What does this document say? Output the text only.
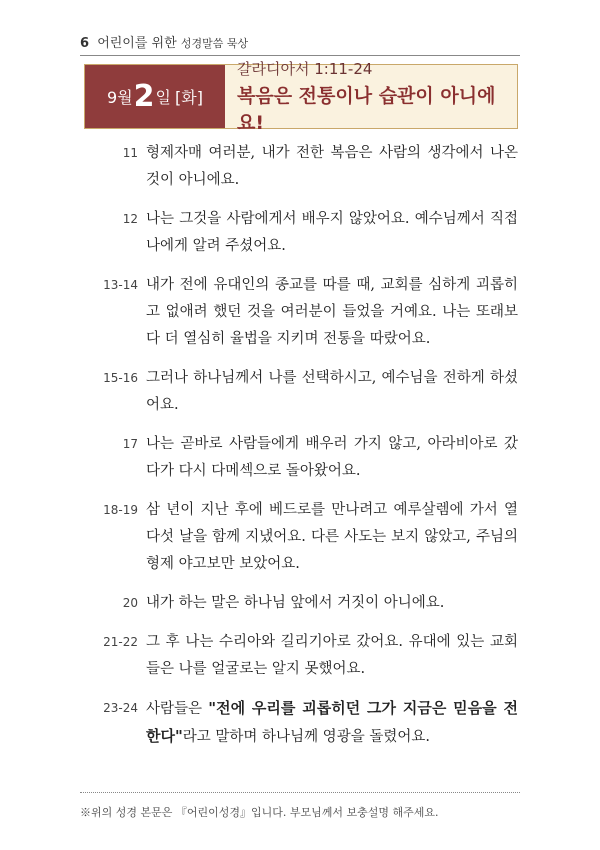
6 어린이를 위한 성경말씀 묵상
9월 2 일 [화]
갈라디아서 1:11-24
복음은 전통이나 습관이 아니에요!
11 형제자매 여러분, 내가 전한 복음은 사람의 생각에서 나온 것이 아니에요.
12 나는 그것을 사람에게서 배우지 않았어요. 예수님께서 직접 나에게 알려 주셨어요.
13-14 내가 전에 유대인의 종교를 따를 때, 교회를 심하게 괴롭히고 없애려 했던 것을 여러분이 들었을 거예요. 나는 또래보다 더 열심히 율법을 지키며 전통을 따랐어요.
15-16 그러나 하나님께서 나를 선택하시고, 예수님을 전하게 하셨어요.
17 나는 곧바로 사람들에게 배우러 가지 않고, 아라비아로 갔다가 다시 다메섹으로 돌아왔어요.
18-19 삼 년이 지난 후에 베드로를 만나려고 예루살렘에 가서 열다섯 날을 함께 지냈어요. 다른 사도는 보지 않았고, 주님의 형제 야고보만 보았어요.
20 내가 하는 말은 하나님 앞에서 거짓이 아니에요.
21-22 그 후 나는 수리아와 길리기아로 갔어요. 유대에 있는 교회들은 나를 얼굴로는 알지 못했어요.
23-24 사람들은 "전에 우리를 괴롭히던 그가 지금은 믿음을 전한다"라고 말하며 하나님께 영광을 돌렸어요.
※위의 성경 본문은 『어린이성경』입니다. 부모님께서 보충설명 해주세요.
